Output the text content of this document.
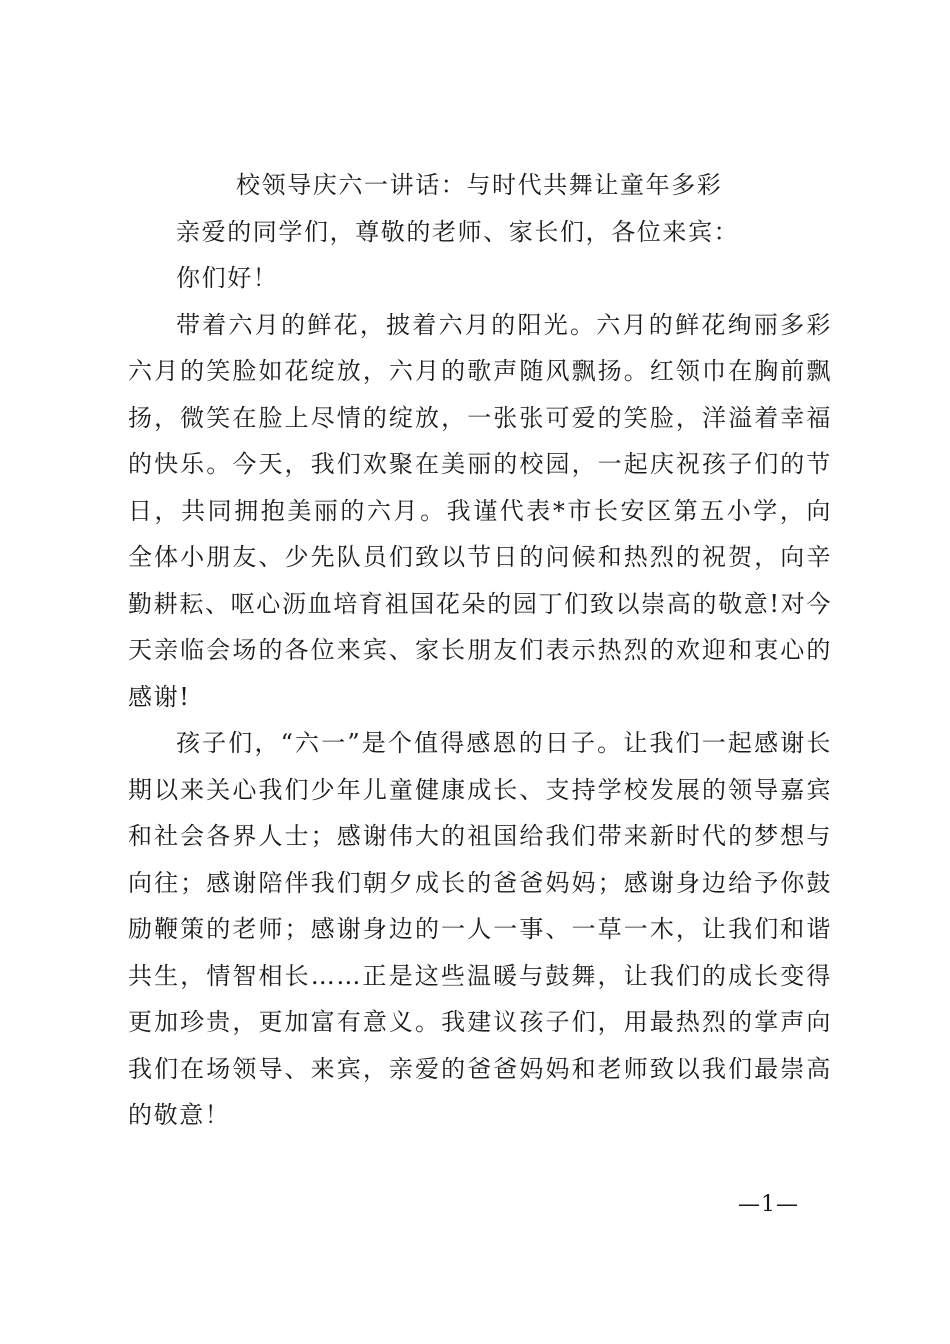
校领导庆六一讲话：与时代共舞让童年多彩

亲爱的同学们，尊敬的老师、家长们，各位来宾：

你们好！

带着六月的鲜花，披着六月的阳光。六月的鲜花绚丽多彩六月的笑脸如花绽放，六月的歌声随风飘扬。红领巾在胸前飘扬，微笑在脸上尽情的绽放，一张张可爱的笑脸，洋溢着幸福的快乐。今天，我们欢聚在美丽的校园，一起庆祝孩子们的节日，共同拥抱美丽的六月。我谨代表*市长安区第五小学，向全体小朋友、少先队员们致以节日的问候和热烈的祝贺，向辛勤耕耘、呕心沥血培育祖国花朵的园丁们致以崇高的敬意!对今天亲临会场的各位来宾、家长朋友们表示热烈的欢迎和衷心的感谢!

孩子们，“六一”是个值得感恩的日子。让我们一起感谢长期以来关心我们少年儿童健康成长、支持学校发展的领导嘉宾和社会各界人士；感谢伟大的祖国给我们带来新时代的梦想与向往；感谢陪伴我们朝夕成长的爸爸妈妈；感谢身边给予你鼓励鞭策的老师；感谢身边的一人一事、一草一木，让我们和谐共生，情智相长……正是这些温暖与鼓舞，让我们的成长变得更加珍贵，更加富有意义。我建议孩子们，用最热烈的掌声向我们在场领导、来宾，亲爱的爸爸妈妈和老师致以我们最崇高的敬意！

—1—
